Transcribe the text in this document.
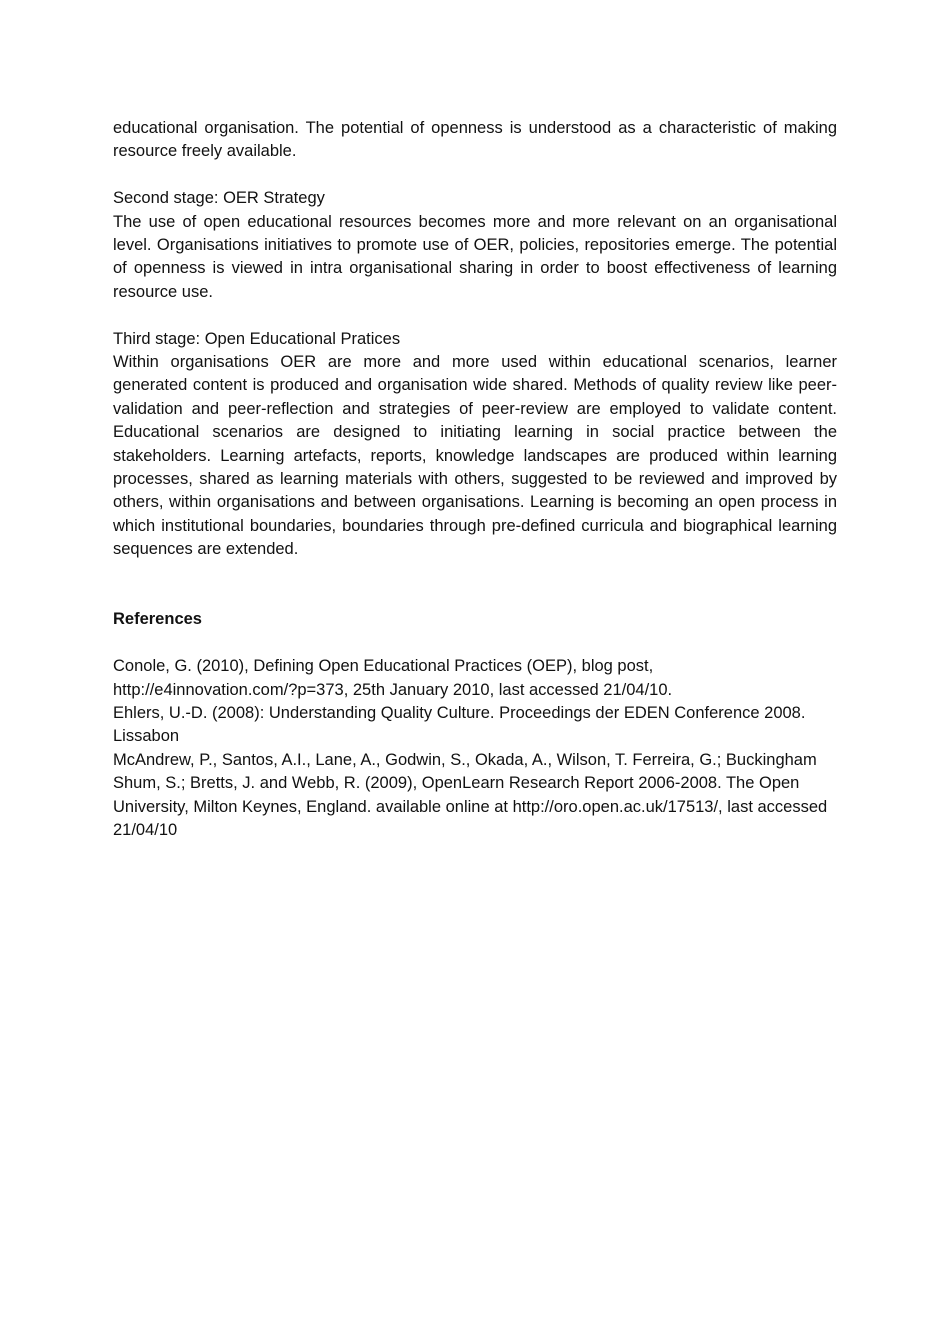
educational organisation. The potential of openness is understood as a characteristic of making resource freely available.

Second stage: OER Strategy

The use of open educational resources becomes more and more relevant on an organisational level. Organisations initiatives to promote use of OER, policies, repositories emerge. The potential of openness is viewed in intra organisational sharing in order to boost effectiveness of learning resource use.

Third stage: Open Educational Pratices

Within organisations OER are more and more used within educational scenarios, learner generated content is produced and organisation wide shared. Methods of quality review like peer-validation and peer-reflection and strategies of peer-review are employed to validate content. Educational scenarios are designed to initiating learning in social practice between the stakeholders. Learning artefacts, reports, knowledge landscapes are produced within learning processes, shared as learning materials with others, suggested to be reviewed and improved by others, within organisations and between organisations. Learning is becoming an open process in which institutional boundaries, boundaries through pre-defined curricula and biographical learning sequences are extended.

References

Conole, G. (2010), Defining Open Educational Practices (OEP), blog post, http://e4innovation.com/?p=373, 25th January 2010, last accessed 21/04/10.

Ehlers, U.-D. (2008): Understanding Quality Culture. Proceedings der EDEN Conference 2008. Lissabon

McAndrew, P., Santos, A.I., Lane, A., Godwin, S., Okada, A., Wilson, T. Ferreira, G.; Buckingham Shum, S.; Bretts, J. and Webb, R. (2009), OpenLearn Research Report 2006-2008. The Open University, Milton Keynes, England. available online at http://oro.open.ac.uk/17513/, last accessed 21/04/10
